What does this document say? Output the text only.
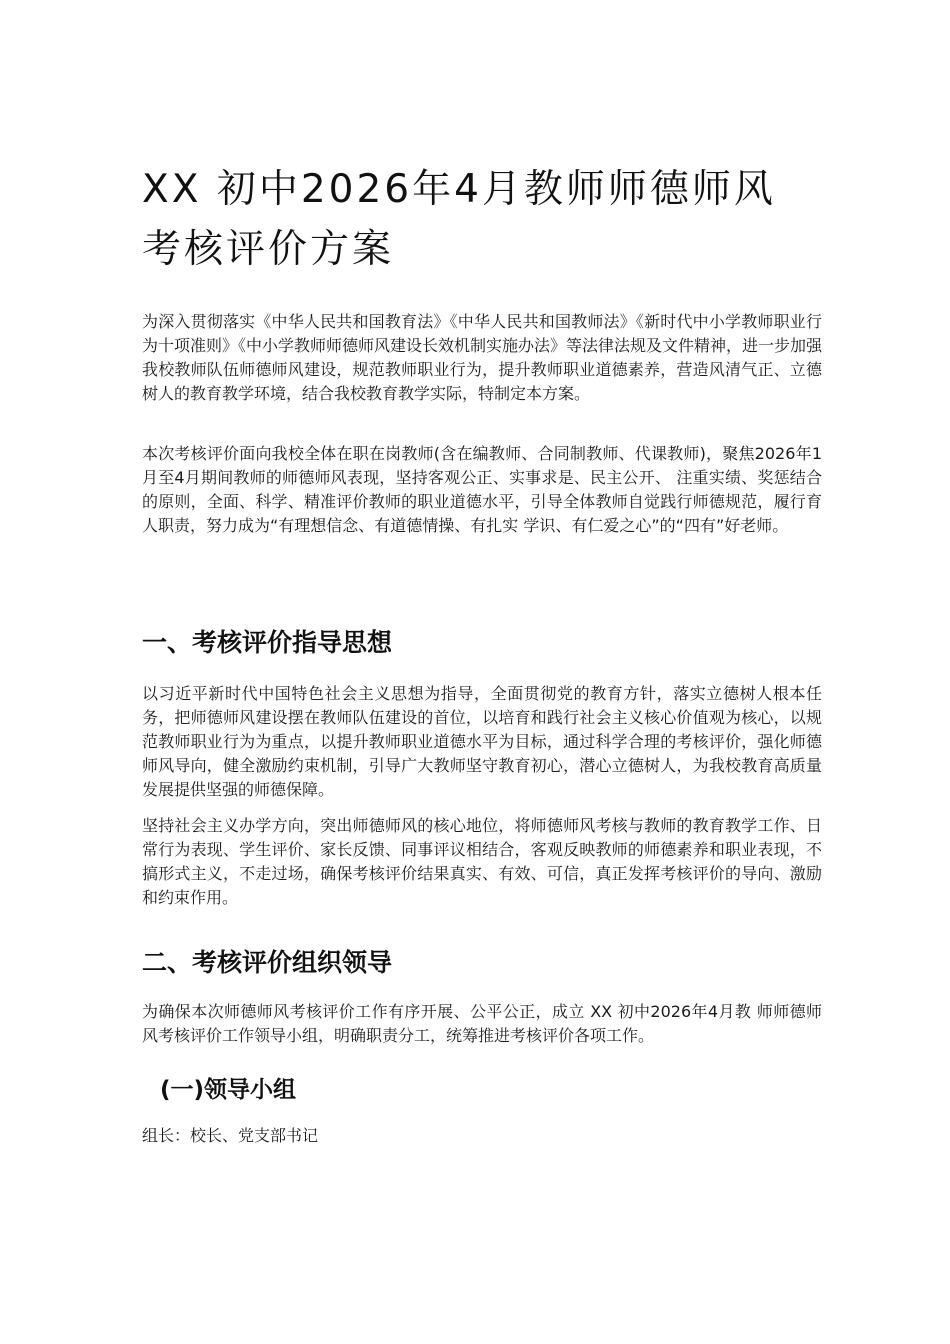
XX 初中2026年4月教师师德师风 考核评价方案

为深入贯彻落实《中华人民共和国教育法》《中华人民共和国教师法》《新时代中小学教师职业行为十项准则》《中小学教师师德师风建设长效机制实施办法》等法律法规及文件精神，进一步加强我校教师队伍师德师风建设，规范教师职业行为，提升教师职业道德素养，营造风清气正、立德树人的教育教学环境，结合我校教育教学实际，特制定本方案。

本次考核评价面向我校全体在职在岗教师(含在编教师、合同制教师、代课教师)，聚焦2026年1月至4月期间教师的师德师风表现，坚持客观公正、实事求是、民主公开、 注重实绩、奖惩结合的原则，全面、科学、精准评价教师的职业道德水平，引导全体教师自觉践行师德规范，履行育人职责，努力成为“有理想信念、有道德情操、有扎实 学识、有仁爱之心”的“四有”好老师。

一、考核评价指导思想

以习近平新时代中国特色社会主义思想为指导，全面贯彻党的教育方针，落实立德树人根本任务，把师德师风建设摆在教师队伍建设的首位，以培育和践行社会主义核心价值观为核心，以规范教师职业行为为重点，以提升教师职业道德水平为目标，通过科学合理的考核评价，强化师德师风导向，健全激励约束机制，引导广大教师坚守教育初心，潜心立德树人，为我校教育高质量发展提供坚强的师德保障。

坚持社会主义办学方向，突出师德师风的核心地位，将师德师风考核与教师的教育教学工作、日常行为表现、学生评价、家长反馈、同事评议相结合，客观反映教师的师德素养和职业表现，不搞形式主义，不走过场，确保考核评价结果真实、有效、可信，真正发挥考核评价的导向、激励和约束作用。

二、考核评价组织领导

为确保本次师德师风考核评价工作有序开展、公平公正，成立 XX 初中2026年4月教 师师德师风考核评价工作领导小组，明确职责分工，统筹推进考核评价各项工作。

(一)领导小组

组长：校长、党支部书记
